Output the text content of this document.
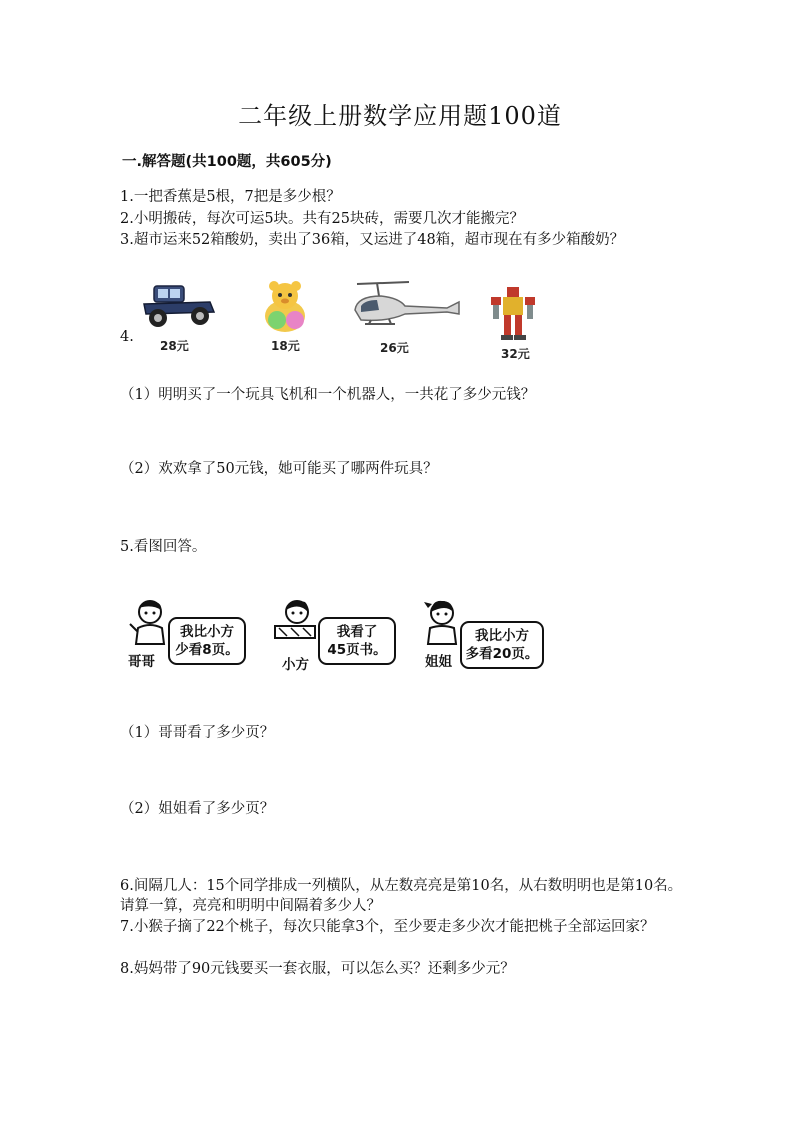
二年级上册数学应用题100道
一.解答题(共100题，共605分)
1.一把香蕉是5根，7把是多少根？
2.小明搬砖，每次可运5块。共有25块砖，需要几次才能搬完？
3.超市运来52箱酸奶，卖出了36箱，又运进了48箱，超市现在有多少箱酸奶？
4.
28元	18元	26元	32元
（1）明明买了一个玩具飞机和一个机器人，一共花了多少元钱？
（2）欢欢拿了50元钱，她可能买了哪两件玩具？
5.看图回答。
哥哥
我比小方
少看8页。
小方
我看了
45页书。
姐姐
我比小方
多看20页。
（1）哥哥看了多少页？
（2）姐姐看了多少页？
6.间隔几人：15个同学排成一列横队，从左数亮亮是第10名，从右数明明也是第10名。请算一算，亮亮和明明中间隔着多少人？
7.小猴子摘了22个桃子，每次只能拿3个，至少要走多少次才能把桃子全部运回家？
8.妈妈带了90元钱要买一套衣服，可以怎么买？还剩多少元？
